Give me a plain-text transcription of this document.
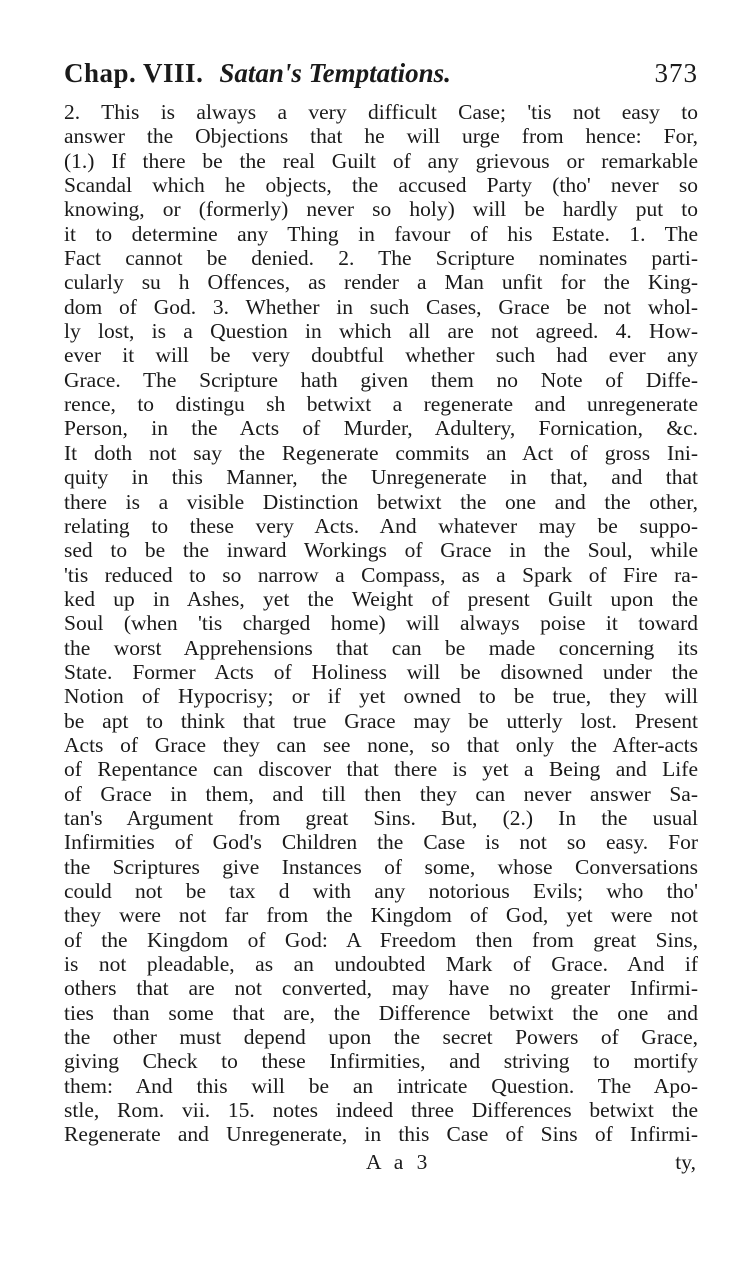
Chap. VIII. Satan's Temptations.	373
2. This is always a very difficult Case; 'tis not easy to
answer the Objections that he will urge from hence: For,
(1.) If there be the real Guilt of any grievous or remarkable
Scandal which he objects, the accused Party (tho' never so
knowing, or (formerly) never so holy) will be hardly put to
it to determine any Thing in favour of his Estate. 1. The
Fact cannot be denied. 2. The Scripture nominates parti-
cularly su h Offences, as render a Man unfit for the King-
dom of God. 3. Whether in such Cases, Grace be not whol-
ly lost, is a Question in which all are not agreed. 4. How-
ever it will be very doubtful whether such had ever any
Grace. The Scripture hath given them no Note of Diffe-
rence, to distingu sh betwixt a regenerate and unregenerate
Person, in the Acts of Murder, Adultery, Fornication, &c.
It doth not say the Regenerate commits an Act of gross Ini-
quity in this Manner, the Unregenerate in that, and that
there is a visible Distinction betwixt the one and the other,
relating to these very Acts. And whatever may be suppo-
sed to be the inward Workings of Grace in the Soul, while
'tis reduced to so narrow a Compass, as a Spark of Fire ra-
ked up in Ashes, yet the Weight of present Guilt upon the
Soul (when 'tis charged home) will always poise it toward
the worst Apprehensions that can be made concerning its
State. Former Acts of Holiness will be disowned under the
Notion of Hypocrisy; or if yet owned to be true, they will
be apt to think that true Grace may be utterly lost. Present
Acts of Grace they can see none, so that only the After-acts
of Repentance can discover that there is yet a Being and Life
of Grace in them, and till then they can never answer Sa-
tan's Argument from great Sins. But, (2.) In the usual
Infirmities of God's Children the Case is not so easy. For
the Scriptures give Instances of some, whose Conversations
could not be tax d with any notorious Evils; who tho'
they were not far from the Kingdom of God, yet were not
of the Kingdom of God: A Freedom then from great Sins,
is not pleadable, as an undoubted Mark of Grace. And if
others that are not converted, may have no greater Infirmi-
ties than some that are, the Difference betwixt the one and
the other must depend upon the secret Powers of Grace,
giving Check to these Infirmities, and striving to mortify
them: And this will be an intricate Question. The Apo-
stle, Rom. vii. 15. notes indeed three Differences betwixt the
Regenerate and Unregenerate, in this Case of Sins of Infirmi-
A a 3	ty,
